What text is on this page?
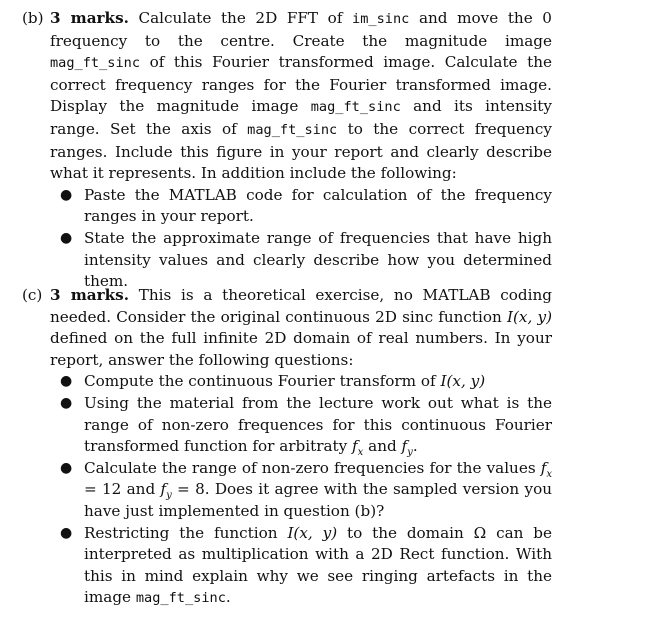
(b) 3 marks. Calculate the 2D FFT of im_sinc and move the 0 frequency to the centre. Create the magnitude image mag_ft_sinc of this Fourier transformed image. Calculate the correct frequency ranges for the Fourier transformed image. Display the magnitude image mag_ft_sinc and its intensity range. Set the axis of mag_ft_sinc to the correct frequency ranges. Include this figure in your report and clearly describe what it represents. In addition include the following:
● Paste the MATLAB code for calculation of the frequency ranges in your report.
● State the approximate range of frequencies that have high intensity values and clearly describe how you determined them.
(c) 3 marks. This is a theoretical exercise, no MATLAB coding needed. Consider the original continuous 2D sinc function I(x, y) defined on the full infinite 2D domain of real numbers. In your report, answer the following questions:
● Compute the continuous Fourier transform of I(x, y)
● Using the material from the lecture work out what is the range of non-zero frequences for this continuous Fourier transformed function for arbitraty $f_x$ and $f_y$.
● Calculate the range of non-zero frequencies for the values $f_x = 12$ and $f_y = 8$. Does it agree with the sampled version you have just implemented in question (b)?
● Restricting the function I(x, y) to the domain Ω can be interpreted as multiplication with a 2D Rect function. With this in mind explain why we see ringing artefacts in the image mag_ft_sinc.
